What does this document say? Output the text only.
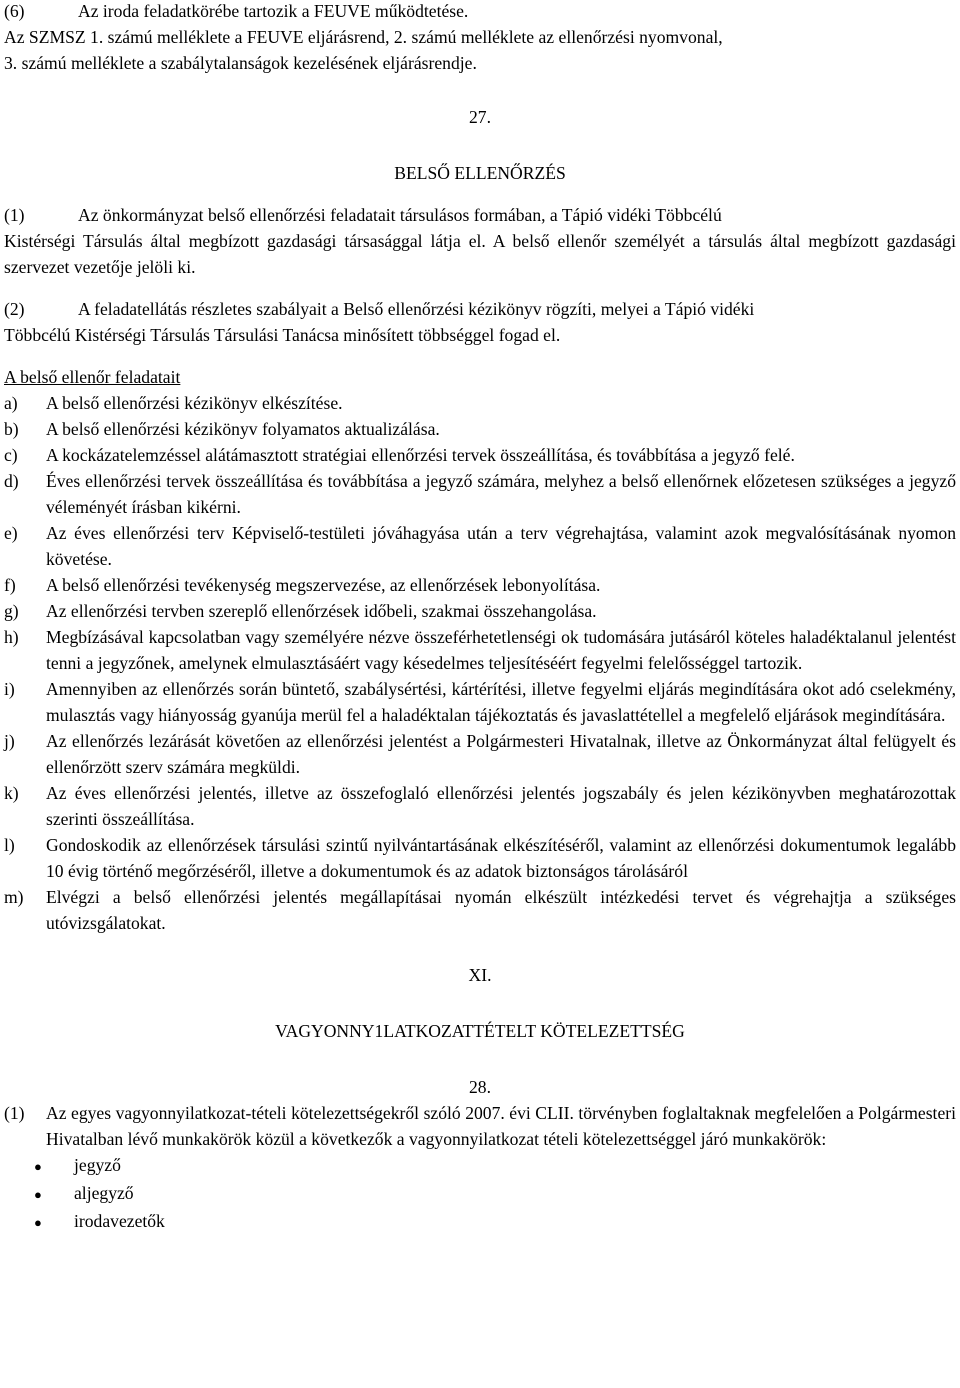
(6)	Az iroda feladatkörébe tartozik a FEUVE működtetése.

Az SZMSZ 1. számú melléklete a FEUVE eljárásrend, 2. számú melléklete az ellenőrzési nyomvonal,

3. számú melléklete a szabálytalanságok kezelésének eljárásrendje.

27.

BELSŐ ELLENŐRZÉS

(1)	Az önkormányzat belső ellenőrzési feladatait társulásos formában, a Tápió vidéki Többcélú

Kistérségi Társulás által megbízott gazdasági társasággal látja el. A belső ellenőr személyét a társulás által megbízott gazdasági szervezet vezetője jelöli ki.

(2)	A feladatellátás részletes szabályait a Belső ellenőrzési kézikönyv rögzíti, melyei a Tápió vidéki

Többcélú Kistérségi Társulás Társulási Tanácsa minősített többséggel fogad el.

A belső ellenőr feladatait

a)	A belső ellenőrzési kézikönyv elkészítése.
b)	A belső ellenőrzési kézikönyv folyamatos aktualizálása.
c)	A kockázatelemzéssel alátámasztott stratégiai ellenőrzési tervek összeállítása, és továbbítása a jegyző felé.
d)	Éves ellenőrzési tervek összeállítása és továbbítása a jegyző számára, melyhez a belső ellenőrnek előzetesen szükséges a jegyző véleményét írásban kikérni.
e)	Az éves ellenőrzési terv Képviselő-testületi jóváhagyása után a terv végrehajtása, valamint azok megvalósításának nyomon követése.
f)	A belső ellenőrzési tevékenység megszervezése, az ellenőrzések lebonyolítása.
g)	Az ellenőrzési tervben szereplő ellenőrzések időbeli, szakmai összehangolása.
h)	Megbízásával kapcsolatban vagy személyére nézve összeférhetetlenségi ok tudomására jutásáról köteles haladéktalanul jelentést tenni a jegyzőnek, amelynek elmulasztásáért vagy késedelmes teljesítéséért fegyelmi felelősséggel tartozik.
i)	Amennyiben az ellenőrzés során büntető, szabálysértési, kártérítési, illetve fegyelmi eljárás megindítására okot adó cselekmény, mulasztás vagy hiányosság gyanúja merül fel a haladéktalan tájékoztatás és javaslattétellel a megfelelő eljárások megindítására.
j)	Az ellenőrzés lezárását követően az ellenőrzési jelentést a Polgármesteri Hivatalnak, illetve az Önkormányzat által felügyelt és ellenőrzött szerv számára megküldi.
k)	Az éves ellenőrzési jelentés, illetve az összefoglaló ellenőrzési jelentés jogszabály és jelen kézikönyvben meghatározottak szerinti összeállítása.
l)	Gondoskodik az ellenőrzések társulási szintű nyilvántartásának elkészítéséről, valamint az ellenőrzési dokumentumok legalább 10 évig történő megőrzéséről, illetve a dokumentumok és az adatok biztonságos tárolásáról
m)	Elvégzi a belső ellenőrzési jelentés megállapításai nyomán elkészült intézkedési tervet és végrehajtja a szükséges utóvizsgálatokat.

XI.

VAGYONNY1LATKOZATTÉTELT KÖTELEZETTSÉG

28.

(1)	Az egyes vagyonnyilatkozat-tételi kötelezettségekről szóló 2007. évi CLII. törvényben foglaltaknak megfelelően a Polgármesteri Hivatalban lévő munkakörök közül a következők a vagyonnyilatkozat tételi kötelezettséggel járó munkakörök:
●
jegyző
●
aljegyző
●
irodavezetők
